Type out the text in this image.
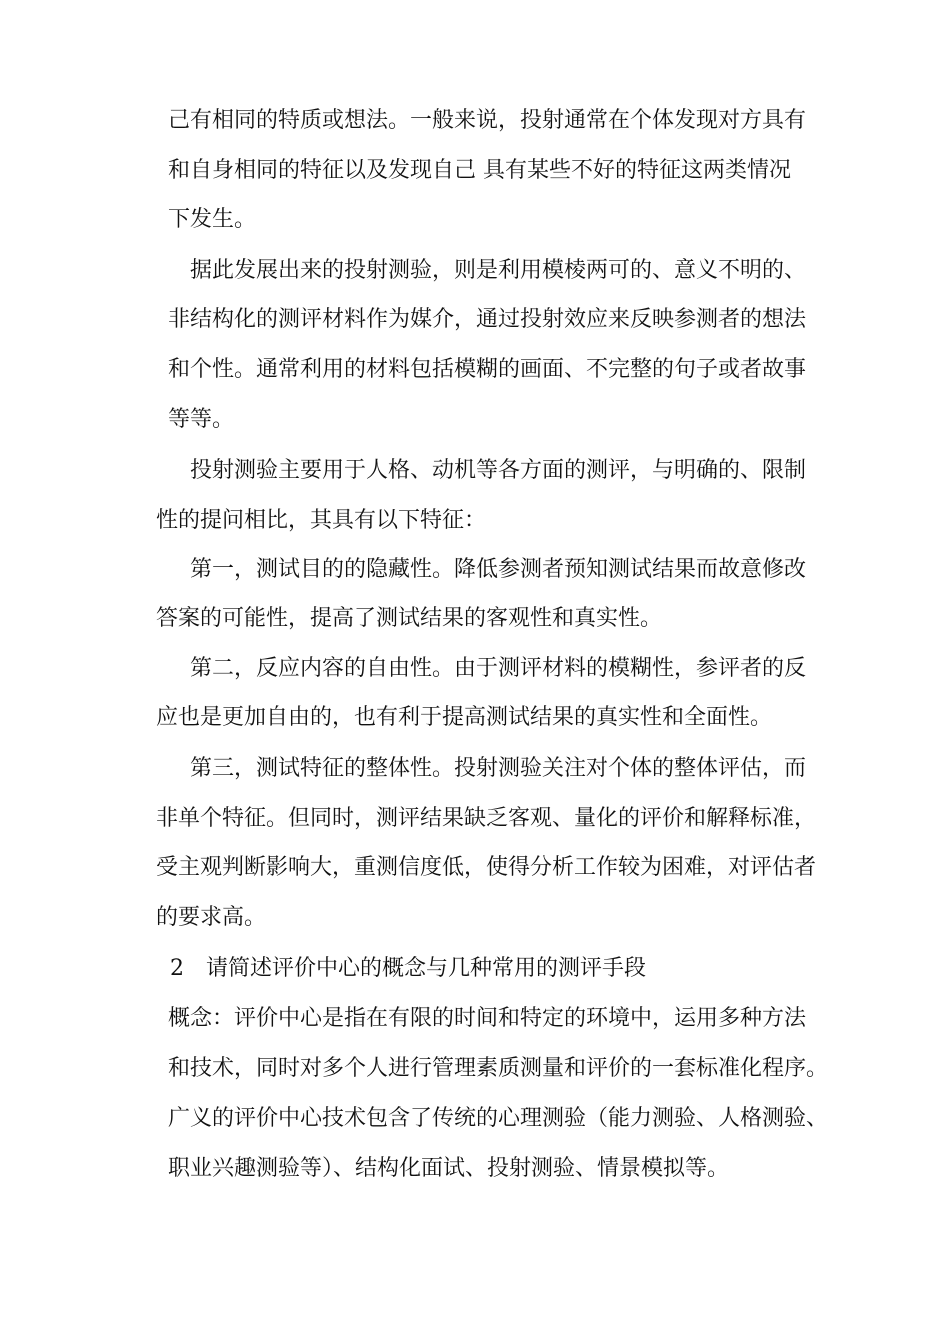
己有相同的特质或想法。一般来说，投射通常在个体发现对方具有
和自身相同的特征以及发现自己 具有某些不好的特征这两类情况
下发生。
据此发展出来的投射测验，则是利用模棱两可的、意义不明的、
非结构化的测评材料作为媒介，通过投射效应来反映参测者的想法
和个性。通常利用的材料包括模糊的画面、不完整的句子或者故事
等等。
投射测验主要用于人格、动机等各方面的测评，与明确的、限制
性的提问相比，其具有以下特征：
第一，测试目的的隐藏性。降低参测者预知测试结果而故意修改
答案的可能性，提高了测试结果的客观性和真实性。
第二，反应内容的自由性。由于测评材料的模糊性，参评者的反
应也是更加自由的，也有利于提高测试结果的真实性和全面性。
第三，测试特征的整体性。投射测验关注对个体的整体评估，而
非单个特征。但同时，测评结果缺乏客观、量化的评价和解释标准，
受主观判断影响大，重测信度低，使得分析工作较为困难，对评估者
的要求高。
2 请简述评价中心的概念与几种常用的测评手段
概念：评价中心是指在有限的时间和特定的环境中，运用多种方法
和技术，同时对多个人进行管理素质测量和评价的一套标准化程序。
广义的评价中心技术包含了传统的心理测验（能力测验、人格测验、
职业兴趣测验等）、结构化面试、投射测验、情景模拟等。
